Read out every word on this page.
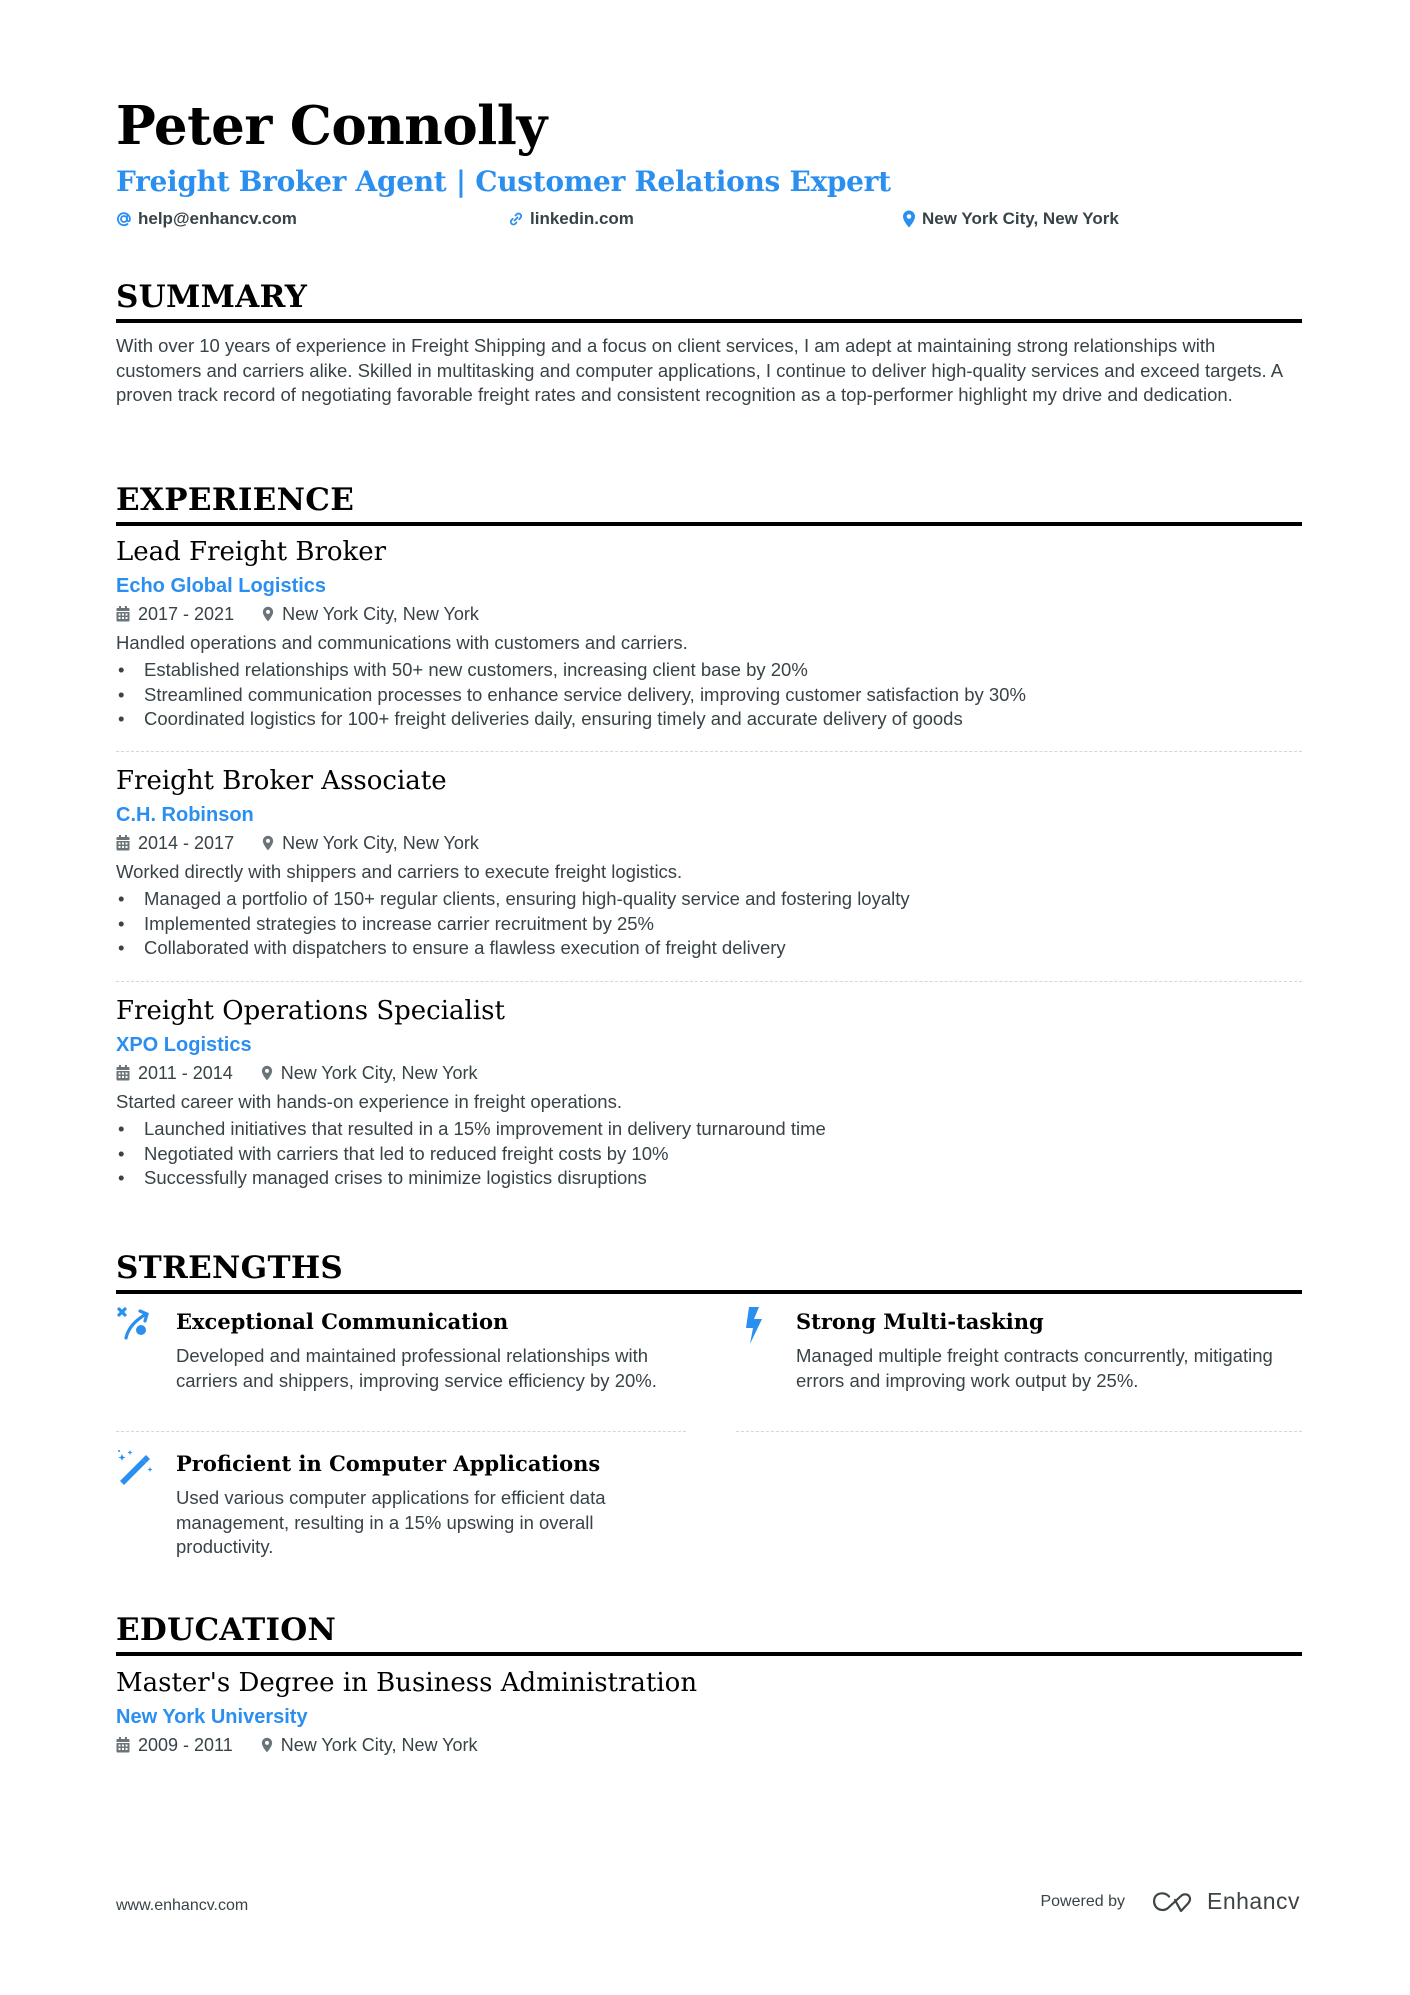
Peter Connolly
Freight Broker Agent | Customer Relations Expert
help@enhancv.com	linkedin.com	New York City, New York
SUMMARY
With over 10 years of experience in Freight Shipping and a focus on client services, I am adept at maintaining strong relationships with customers and carriers alike. Skilled in multitasking and computer applications, I continue to deliver high-quality services and exceed targets. A proven track record of negotiating favorable freight rates and consistent recognition as a top-performer highlight my drive and dedication.
EXPERIENCE
Lead Freight Broker
Echo Global Logistics
2017 - 2021	New York City, New York
Handled operations and communications with customers and carriers.
• Established relationships with 50+ new customers, increasing client base by 20%
• Streamlined communication processes to enhance service delivery, improving customer satisfaction by 30%
• Coordinated logistics for 100+ freight deliveries daily, ensuring timely and accurate delivery of goods
Freight Broker Associate
C.H. Robinson
2014 - 2017	New York City, New York
Worked directly with shippers and carriers to execute freight logistics.
• Managed a portfolio of 150+ regular clients, ensuring high-quality service and fostering loyalty
• Implemented strategies to increase carrier recruitment by 25%
• Collaborated with dispatchers to ensure a flawless execution of freight delivery
Freight Operations Specialist
XPO Logistics
2011 - 2014	New York City, New York
Started career with hands-on experience in freight operations.
• Launched initiatives that resulted in a 15% improvement in delivery turnaround time
• Negotiated with carriers that led to reduced freight costs by 10%
• Successfully managed crises to minimize logistics disruptions
STRENGTHS
Exceptional Communication
Developed and maintained professional relationships with carriers and shippers, improving service efficiency by 20%.
Strong Multi-tasking
Managed multiple freight contracts concurrently, mitigating errors and improving work output by 25%.
Proficient in Computer Applications
Used various computer applications for efficient data management, resulting in a 15% upswing in overall productivity.
EDUCATION
Master's Degree in Business Administration
New York University
2009 - 2011	New York City, New York
www.enhancv.com	Powered by	Enhancv
